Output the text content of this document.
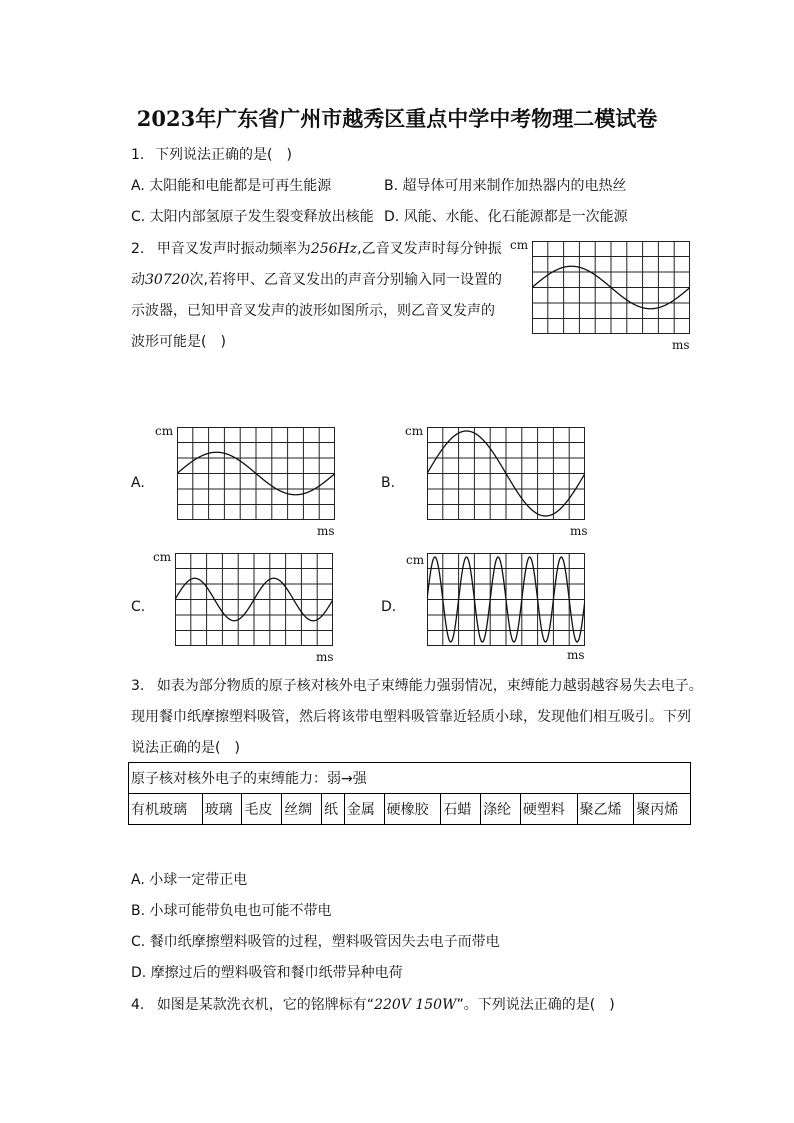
2023年广东省广州市越秀区重点中学中考物理二模试卷
1. 下列说法正确的是(　)
A. 太阳能和电能都是可再生能源	B. 超导体可用来制作加热器内的电热丝
C. 太阳内部氢原子发生裂变释放出核能 D. 风能、水能、化石能源都是一次能源
2. 甲音叉发声时振动频率为256Hz,乙音叉发声时每分钟振
动30720次,若将甲、乙音叉发出的声音分别输入同一设置的
示波器，已知甲音叉发声的波形如图所示，则乙音叉发声的
波形可能是(　)
cm
ms
A.
cm
ms
B.
cm
ms
C.
cm
ms
D.
cm
ms
3. 如表为部分物质的原子核对核外电子束缚能力强弱情况，束缚能力越弱越容易失去电子。
现用餐巾纸摩擦塑料吸管，然后将该带电塑料吸管靠近轻质小球，发现他们相互吸引。下列
说法正确的是(　)
原子核对核外电子的束缚能力：弱→强
有机玻璃	玻璃	毛皮	丝绸	纸	金属	硬橡胶	石蜡	涤纶	硬塑料	聚乙烯	聚丙烯
A. 小球一定带正电
B. 小球可能带负电也可能不带电
C. 餐巾纸摩擦塑料吸管的过程，塑料吸管因失去电子而带电
D. 摩擦过后的塑料吸管和餐巾纸带异种电荷
4. 如图是某款洗衣机，它的铭牌标有“220V 150W”。下列说法正确的是(　)
